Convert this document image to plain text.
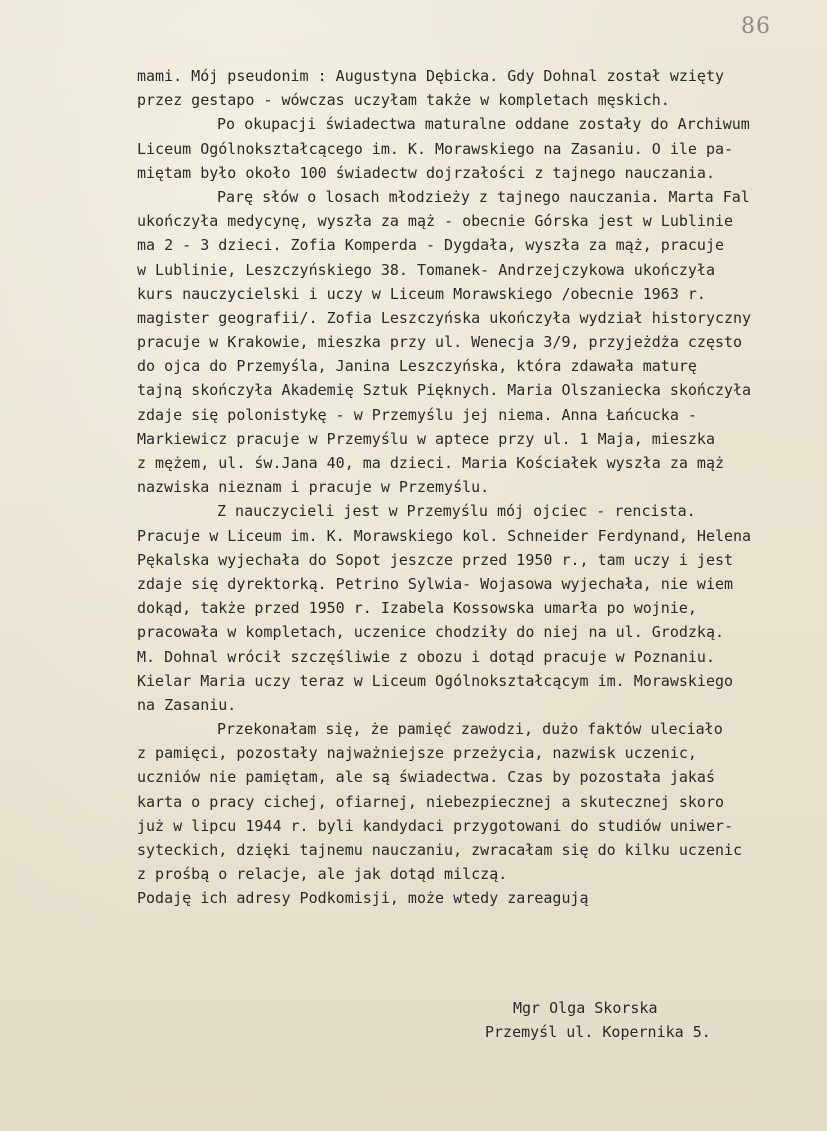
86
mami. Mój pseudonim : Augustyna Dębicka. Gdy Dohnal został wzięty
przez gestapo - wówczas uczyłam także w kompletach męskich.
Po okupacji świadectwa maturalne oddane zostały do Archiwum
Liceum Ogólnokształcącego im. K. Morawskiego na Zasaniu. O ile pa-
miętam było około 100 świadectw dojrzałości z tajnego nauczania.
Parę słów o losach młodzieży z tajnego nauczania. Marta Fal
ukończyła medycynę, wyszła za mąż - obecnie Górska jest w Lublinie
ma 2 - 3 dzieci. Zofia Komperda - Dygdała, wyszła za mąż, pracuje
w Lublinie, Leszczyńskiego 38. Tomanek- Andrzejczykowa ukończyła
kurs nauczycielski i uczy w Liceum Morawskiego /obecnie 1963 r.
magister geografii/. Zofia Leszczyńska ukończyła wydział historyczny
pracuje w Krakowie, mieszka przy ul. Wenecja 3/9, przyjeżdża często
do ojca do Przemyśla, Janina Leszczyńska, która zdawała maturę
tajną skończyła Akademię Sztuk Pięknych. Maria Olszaniecka skończyła
zdaje się polonistykę - w Przemyślu jej niema. Anna Łańcucka -
Markiewicz pracuje w Przemyślu w aptece przy ul. 1 Maja, mieszka
z mężem, ul. św.Jana 40, ma dzieci. Maria Kościałek wyszła za mąż
nazwiska nieznam i pracuje w Przemyślu.
Z nauczycieli jest w Przemyślu mój ojciec - rencista.
Pracuje w Liceum im. K. Morawskiego kol. Schneider Ferdynand, Helena
Pękalska wyjechała do Sopot jeszcze przed 1950 r., tam uczy i jest
zdaje się dyrektorką. Petrino Sylwia- Wojasowa wyjechała, nie wiem
dokąd, także przed 1950 r. Izabela Kossowska umarła po wojnie,
pracowała w kompletach, uczenice chodziły do niej na ul. Grodzką.
M. Dohnal wrócił szczęśliwie z obozu i dotąd pracuje w Poznaniu.
Kielar Maria uczy teraz w Liceum Ogólnokształcącym im. Morawskiego
na Zasaniu.
Przekonałam się, że pamięć zawodzi, dużo faktów uleciało
z pamięci, pozostały najważniejsze przeżycia, nazwisk uczenic,
uczniów nie pamiętam, ale są świadectwa. Czas by pozostała jakaś
karta o pracy cichej, ofiarnej, niebezpiecznej a skutecznej skoro
już w lipcu 1944 r. byli kandydaci przygotowani do studiów uniwer-
syteckich, dzięki tajnemu nauczaniu, zwracałam się do kilku uczenic
z prośbą o relacje, ale jak dotąd milczą.
Podaję ich adresy Podkomisji, może wtedy zareagują
Mgr Olga Skorska
Przemyśl ul. Kopernika 5.
